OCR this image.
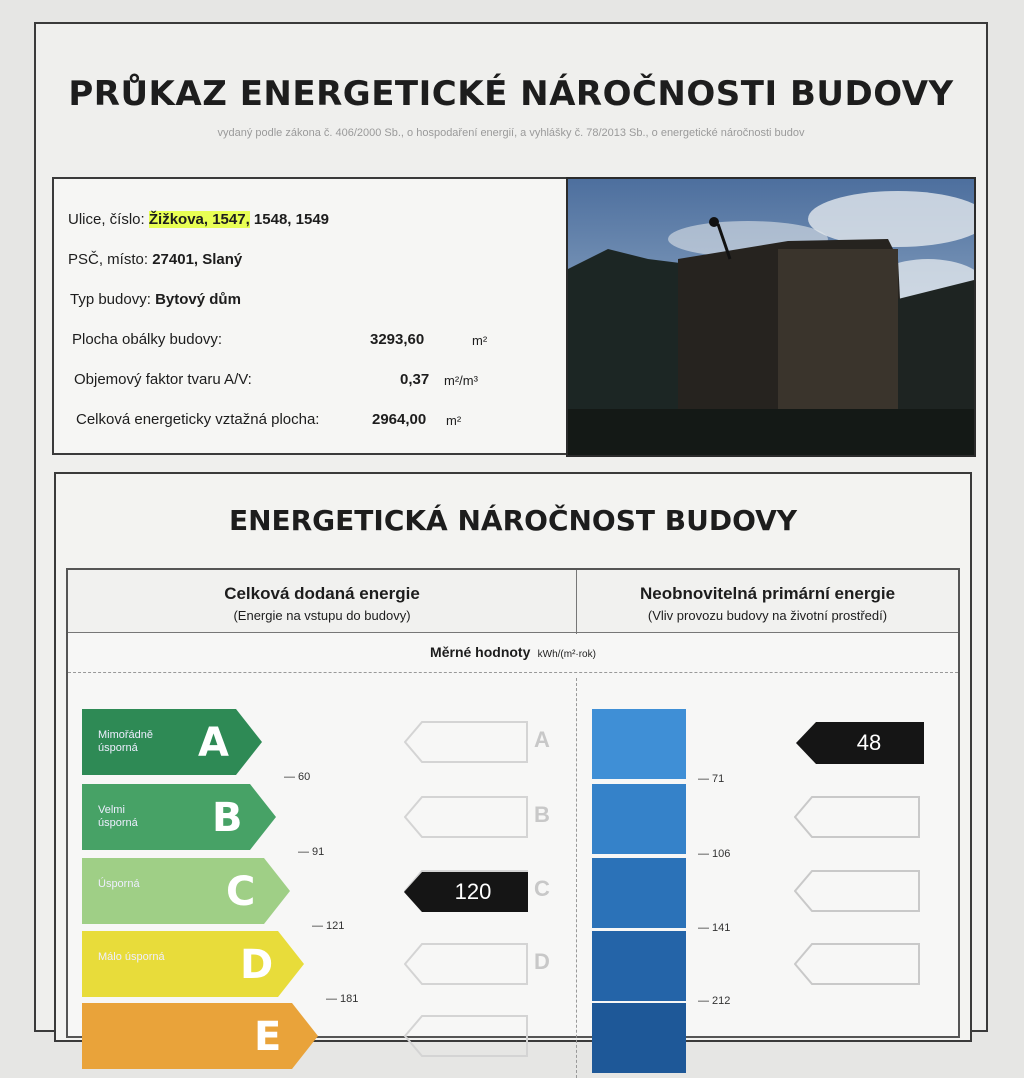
PRŮKAZ ENERGETICKÉ NÁROČNOSTI BUDOVY
vydaný podle zákona č. 406/2000 Sb., o hospodaření energií, a vyhlášky č. 78/2013 Sb., o energetické náročnosti budov
Ulice, číslo: Žižkova, 1547, 1548, 1549
PSČ, místo: 27401, Slaný
Typ budovy: Bytový dům
Plocha obálky budovy:	3293,60	m²
Objemový faktor tvaru A/V:	0,37 m²/m³
Celková energeticky vztažná plocha:	2964,00 m²
ENERGETICKÁ NÁROČNOST BUDOVY
Celková dodaná energie
(Energie na vstupu do budovy)
Neobnovitelná primární energie
(Vliv provozu budovy na životní prostředí)
Měrné hodnoty kWh/(m²·rok)
A
Mimořádně
úsporná	A
B
Velmi
úsporná	B
C
Úsporná	C
D
Málo úsporná	D
E
— 60
— 91
— 121
— 181
— 71
— 106
— 141
— 212
120
48
